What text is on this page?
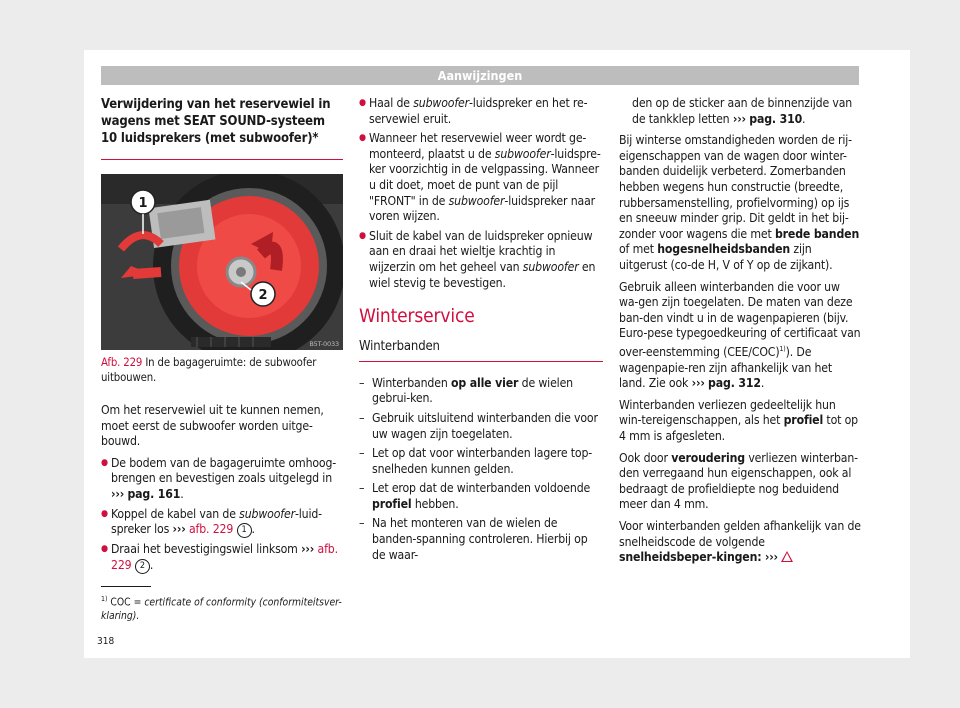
Aanwijzingen
Verwijdering van het reservewiel in wagens met SEAT SOUND-systeem 10 luidsprekers (met subwoofer)*
1
2
B5T-0033
Afb. 229 In de bagageruimte: de subwoofer uitbouwen.

Om het reservewiel uit te kunnen nemen, moet eerst de subwoofer worden uitge-bouwd.

● De bodem van de bagageruimte omhoog-brengen en bevestigen zoals uitgelegd in ››› pag. 161.
● Koppel de kabel van de subwoofer-luid-spreker los ››› afb. 229 1 .
● Draai het bevestigingswiel linksom ››› afb. 229 2 .
● Haal de subwoofer-luidspreker en het re-servewiel eruit.
● Wanneer het reservewiel weer wordt ge-monteerd, plaatst u de subwoofer-luidspre-ker voorzichtig in de velgpassing. Wanneer u dit doet, moet de punt van de pijl "FRONT" in de subwoofer-luidspreker naar voren wijzen.
● Sluit de kabel van de luidspreker opnieuw aan en draai het wieltje krachtig in wijzerzin om het geheel van subwoofer en wiel stevig te bevestigen.
Winterservice
Winterbanden
– Winterbanden op alle vier de wielen gebrui-ken.
– Gebruik uitsluitend winterbanden die voor uw wagen zijn toegelaten.
– Let op dat voor winterbanden lagere top-snelheden kunnen gelden.
– Let erop dat de winterbanden voldoende profiel hebben.
– Na het monteren van de wielen de banden-spanning controleren. Hierbij op de waar-

den op de sticker aan de binnenzijde van de tankklep letten ››› pag. 310.

Bij winterse omstandigheden worden de rij-eigenschappen van de wagen door winter-banden duidelijk verbeterd. Zomerbanden hebben wegens hun constructie (breedte, rubbersamenstelling, profielvorming) op ijs en sneeuw minder grip. Dit geldt in het bij-zonder voor wagens die met brede banden of met hogesnelheidsbanden zijn uitgerust (co-de H, V of Y op de zijkant).

Gebruik alleen winterbanden die voor uw wa-gen zijn toegelaten. De maten van deze ban-den vindt u in de wagenpapieren (bijv. Euro-pese typegoedkeuring of certificaat van over-eenstemming $(CEE/COC)^{1)}$). De wagenpapie-ren zijn afhankelijk van het land. Zie ook ››› pag. 312.

Winterbanden verliezen gedeeltelijk hun win-tereigenschappen, als het profiel tot op 4 mm is afgesleten.

Ook door veroudering verliezen winterban-den verregaand hun eigenschappen, ook al bedraagt de profieldiepte nog beduidend meer dan 4 mm.

Voor winterbanden gelden afhankelijk van de snelheidscode de volgende snelheidsbeper-kingen: ›››

$^{1)}$ COC = certificate of conformity (conformiteitsver-klaring).
318
